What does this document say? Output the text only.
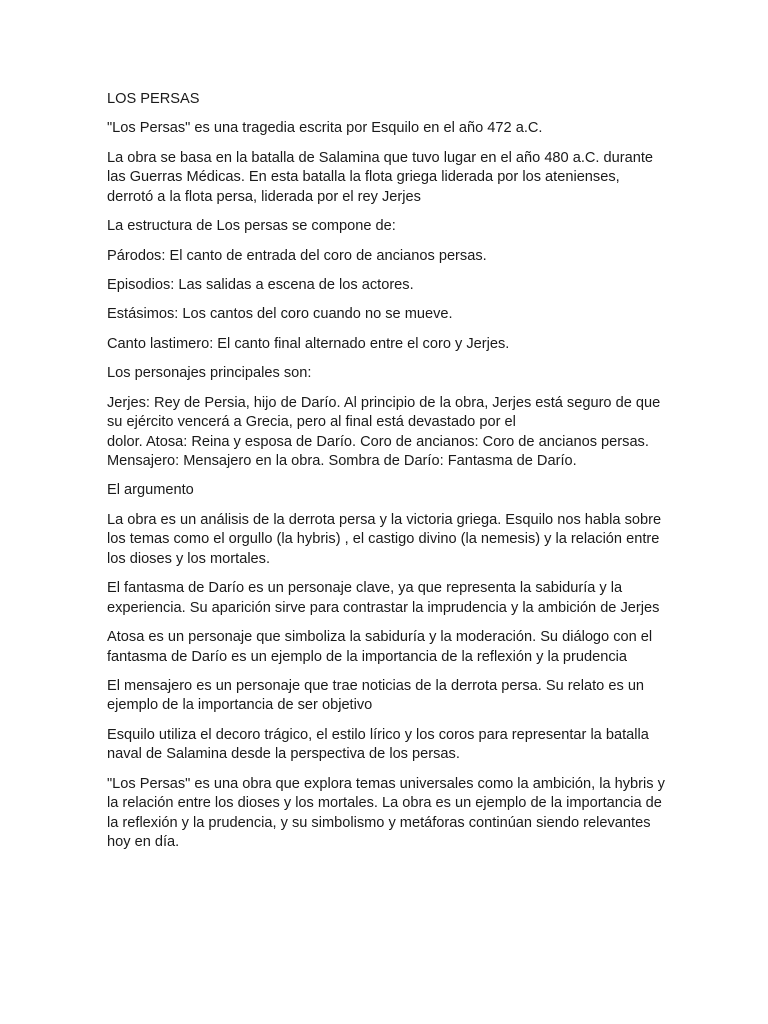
LOS PERSAS

"Los Persas" es una tragedia escrita por Esquilo en el año 472 a.C.

La obra se basa en la batalla de Salamina que tuvo lugar en el año 480 a.C. durante las Guerras Médicas. En esta batalla la flota griega liderada por los atenienses, derrotó a la flota persa, liderada por el rey Jerjes

La estructura de Los persas se compone de:

Párodos: El canto de entrada del coro de ancianos persas.

Episodios: Las salidas a escena de los actores.

Estásimos: Los cantos del coro cuando no se mueve.

Canto lastimero: El canto final alternado entre el coro y Jerjes.

Los personajes principales son:

Jerjes: Rey de Persia, hijo de Darío. Al principio de la obra, Jerjes está seguro de que su ejército vencerá a Grecia, pero al final está devastado por el
dolor. Atosa: Reina y esposa de Darío. Coro de ancianos: Coro de ancianos persas. Mensajero: Mensajero en la obra. Sombra de Darío: Fantasma de Darío.

El argumento

La obra es un análisis de la derrota persa y la victoria griega. Esquilo nos habla sobre los temas como el orgullo (la hybris) , el castigo divino (la nemesis) y la relación entre los dioses y los mortales.

El fantasma de Darío es un personaje clave, ya que representa la sabiduría y la experiencia. Su aparición sirve para contrastar la imprudencia y la ambición de Jerjes

Atosa es un personaje que simboliza la sabiduría y la moderación. Su diálogo con el fantasma de Darío es un ejemplo de la importancia de la reflexión y la prudencia

El mensajero es un personaje que trae noticias de la derrota persa. Su relato es un ejemplo de la importancia de ser objetivo

Esquilo utiliza el decoro trágico, el estilo lírico y los coros para representar la batalla naval de Salamina desde la perspectiva de los persas.

"Los Persas" es una obra que explora temas universales como la ambición, la hybris y la relación entre los dioses y los mortales. La obra es un ejemplo de la importancia de la reflexión y la prudencia, y su simbolismo y metáforas continúan siendo relevantes hoy en día.
